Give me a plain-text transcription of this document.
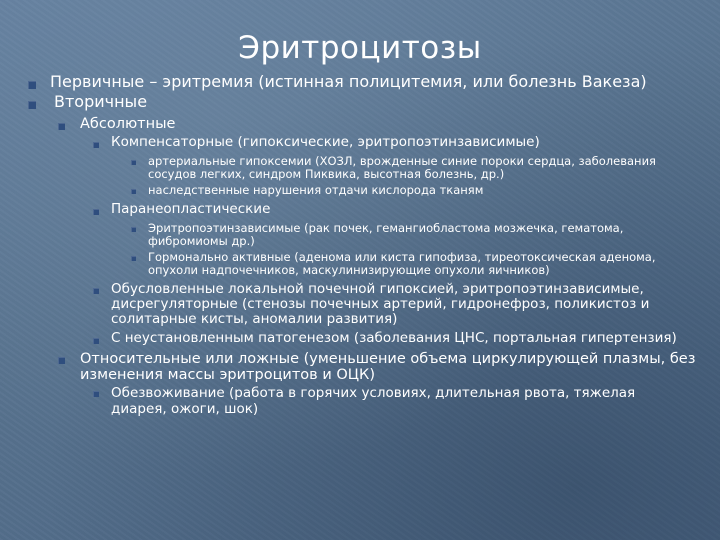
Эритроцитозы
Первичные – эритремия (истинная полицитемия, или болезнь Вакеза)
Вторичные
Абсолютные
Компенсаторные (гипоксические, эритропоэтинзависимые)
артериальные гипоксемии (ХОЗЛ, врожденные синие пороки сердца, заболевания
сосудов легких, синдром Пиквика, высотная болезнь, др.)
наследственные нарушения отдачи кислорода тканям
Паранеопластические
Эритропоэтинзависимые (рак почек, гемангиобластома мозжечка, гематома,
фибромиомы др.)
Гормонально активные (аденома или киста гипофиза, тиреотоксическая аденома,
опухоли надпочечников, маскулинизирующие опухоли яичников)
Обусловленные локальной почечной гипоксией, эритропоэтинзависимые,
дисрегуляторные (стенозы почечных артерий, гидронефроз, поликистоз и
солитарные кисты, аномалии развития)
С неустановленным патогенезом (заболевания ЦНС, портальная гипертензия)
Относительные или ложные (уменьшение объема циркулирующей плазмы, без
изменения массы эритроцитов и ОЦК)
Обезвоживание (работа в горячих условиях, длительная рвота, тяжелая
диарея, ожоги, шок)
